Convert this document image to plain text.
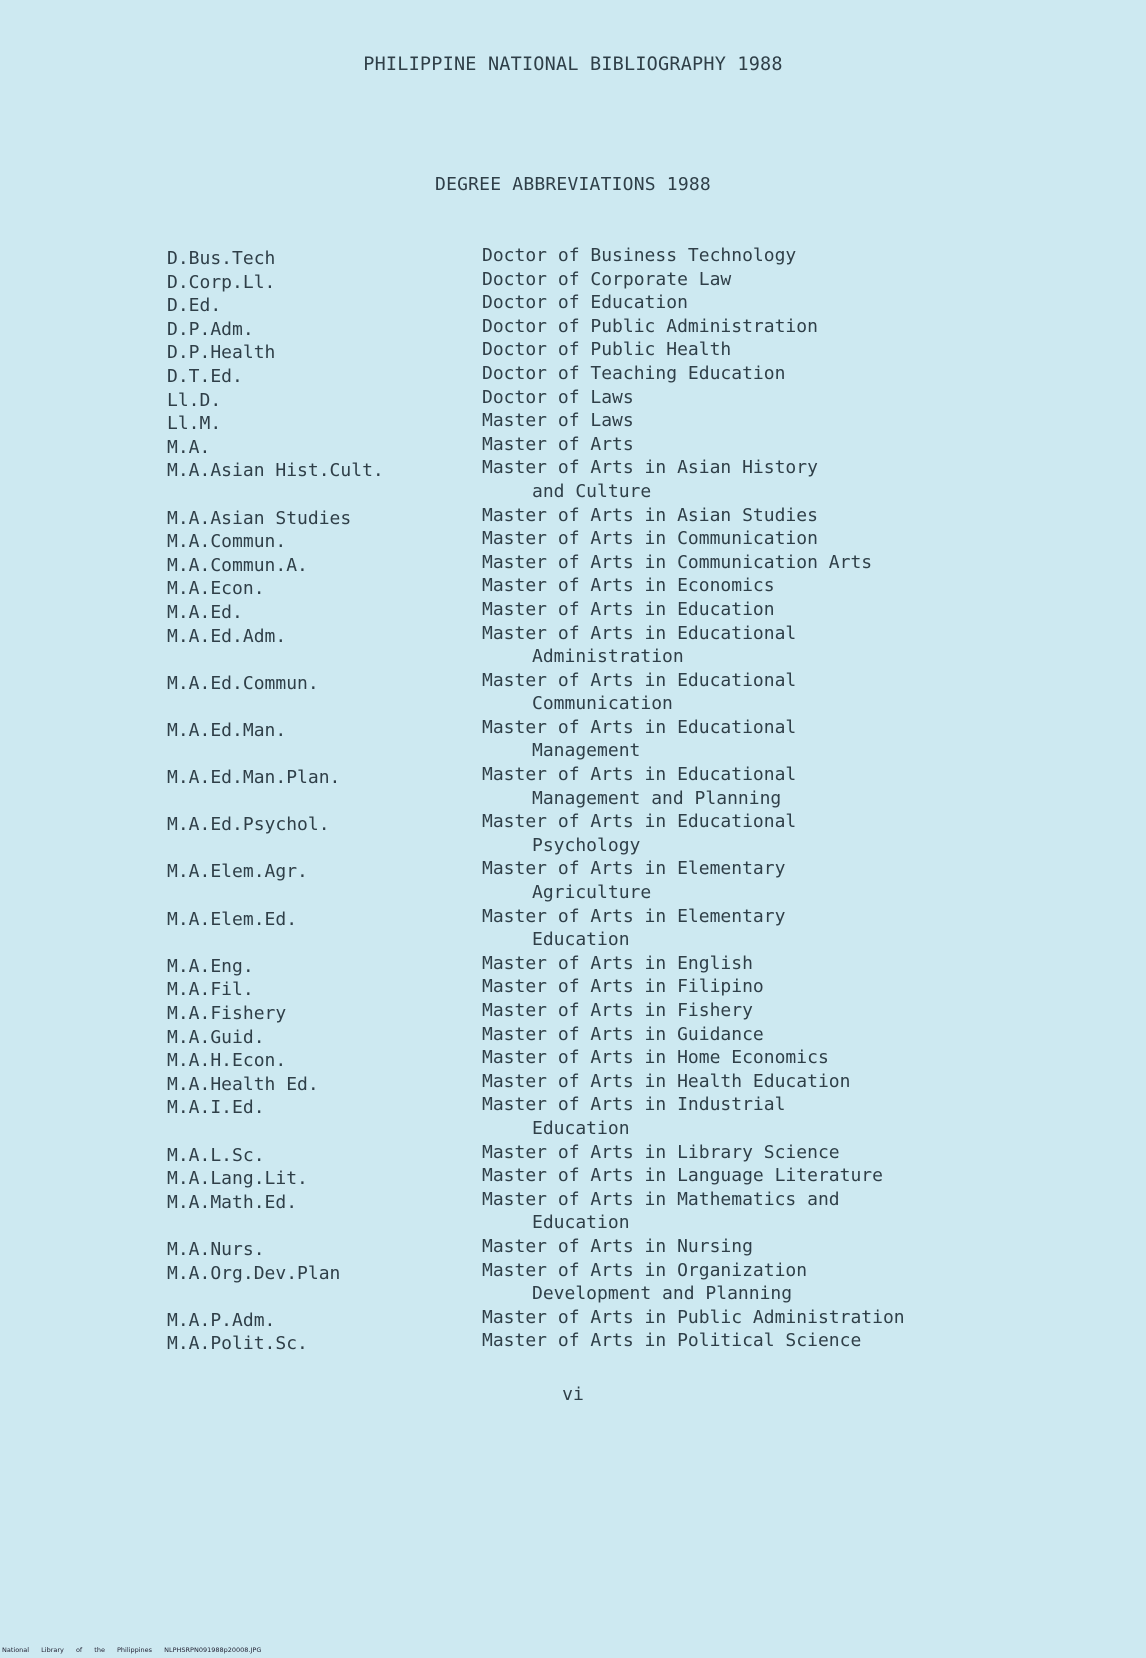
PHILIPPINE NATIONAL BIBLIOGRAPHY 1988
DEGREE ABBREVIATIONS 1988
D.Bus.Tech	Doctor of Business Technology
D.Corp.Ll.	Doctor of Corporate Law
D.Ed.	Doctor of Education
D.P.Adm.	Doctor of Public Administration
D.P.Health	Doctor of Public Health
D.T.Ed.	Doctor of Teaching Education
Ll.D.	Doctor of Laws
Ll.M.	Master of Laws
M.A.	Master of Arts
M.A.Asian Hist.Cult.	Master of Arts in Asian History
and Culture
M.A.Asian Studies	Master of Arts in Asian Studies
M.A.Commun.	Master of Arts in Communication
M.A.Commun.A.	Master of Arts in Communication Arts
M.A.Econ.	Master of Arts in Economics
M.A.Ed.	Master of Arts in Education
M.A.Ed.Adm.	Master of Arts in Educational
Administration
M.A.Ed.Commun.	Master of Arts in Educational
Communication
M.A.Ed.Man.	Master of Arts in Educational
Management
M.A.Ed.Man.Plan.	Master of Arts in Educational
Management and Planning
M.A.Ed.Psychol.	Master of Arts in Educational
Psychology
M.A.Elem.Agr.	Master of Arts in Elementary
Agriculture
M.A.Elem.Ed.	Master of Arts in Elementary
Education
M.A.Eng.	Master of Arts in English
M.A.Fil.	Master of Arts in Filipino
M.A.Fishery	Master of Arts in Fishery
M.A.Guid.	Master of Arts in Guidance
M.A.H.Econ.	Master of Arts in Home Economics
M.A.Health Ed.	Master of Arts in Health Education
M.A.I.Ed.	Master of Arts in Industrial
Education
M.A.L.Sc.	Master of Arts in Library Science
M.A.Lang.Lit.	Master of Arts in Language Literature
M.A.Math.Ed.	Master of Arts in Mathematics and
Education
M.A.Nurs.	Master of Arts in Nursing
M.A.Org.Dev.Plan	Master of Arts in Organization
Development and Planning
M.A.P.Adm.	Master of Arts in Public Administration
M.A.Polit.Sc.	Master of Arts in Political Science
vi
National Library of the Philippines NLPHSRPN091988p20008.JPG
